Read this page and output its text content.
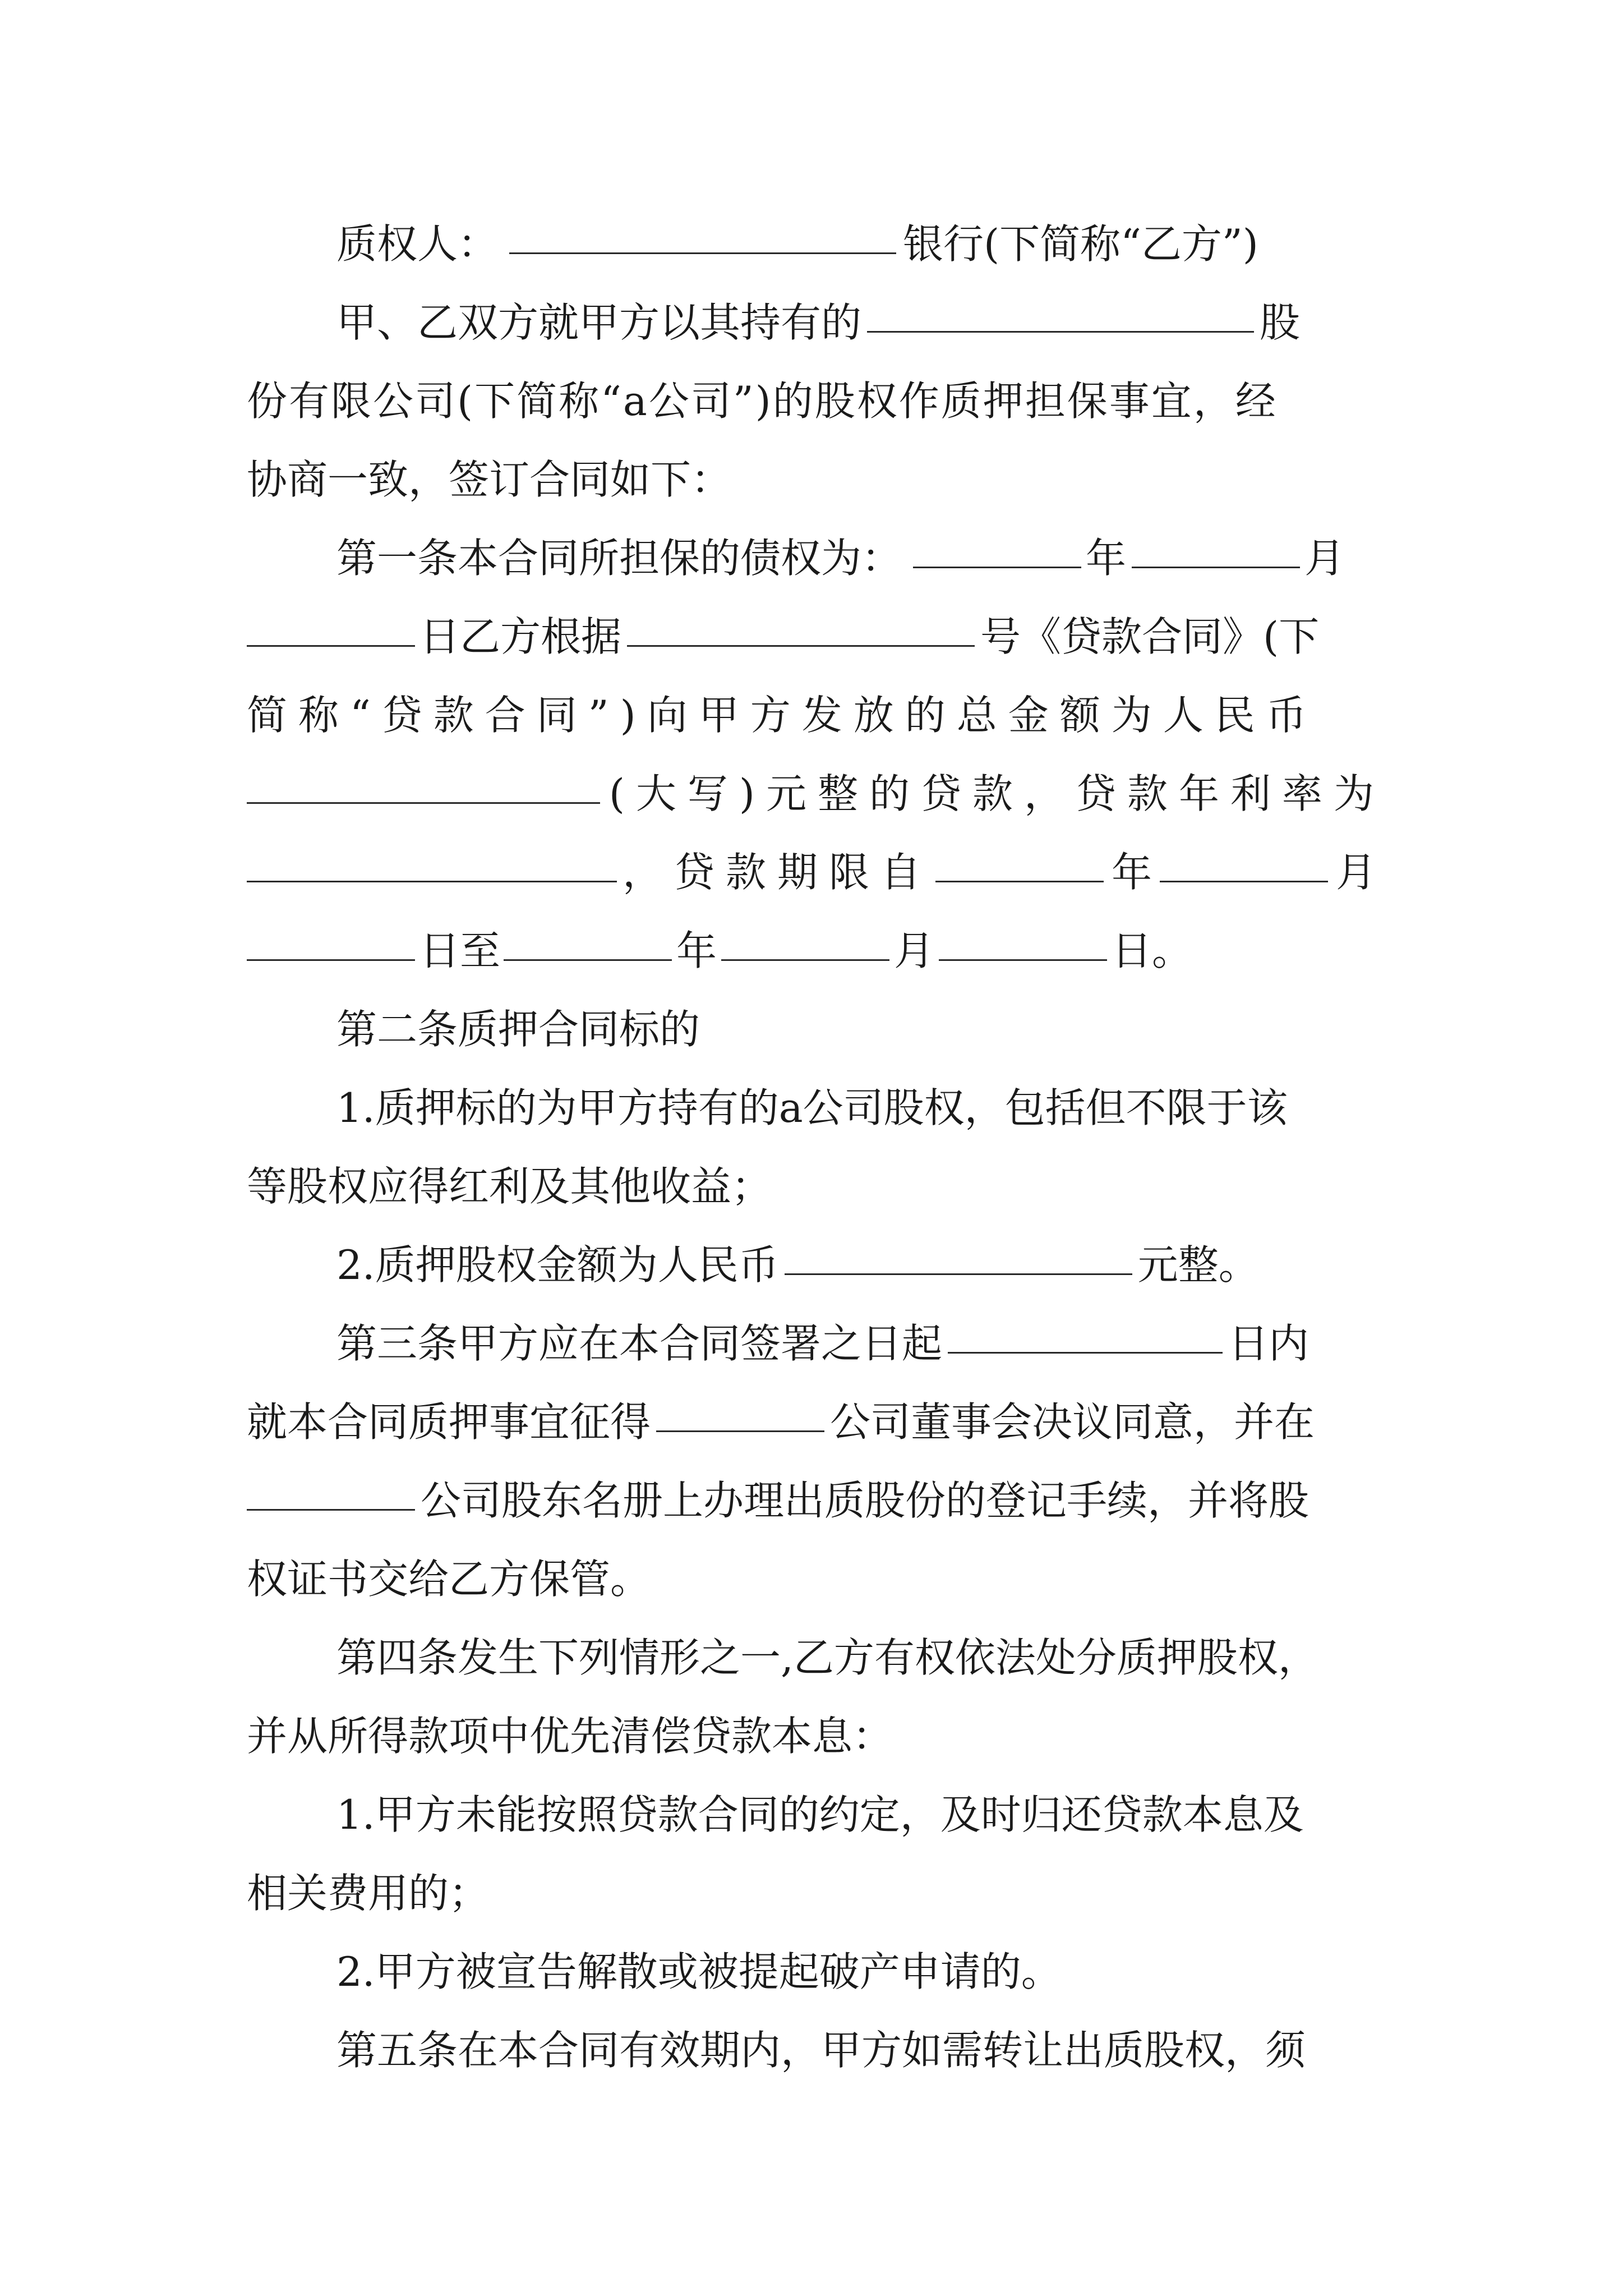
质权人：	银行(下简称“乙方”)
甲、乙双方就甲方以其持有的	股
份有限公司(下简称“a公司”)的股权作质押担保事宜，经
协商一致，签订合同如下：
第一条本合同所担保的债权为：	年	月
日乙方根据	号《贷款合同》(下
简称“贷款合同”)向甲方发放的总金额为人民币
(大写)元整的贷款，贷款年利率为
，贷款期限自	年	月
日至	年	月	日。
第二条质押合同标的
1.质押标的为甲方持有的a公司股权，包括但不限于该
等股权应得红利及其他收益；
2.质押股权金额为人民币	元整。
第三条甲方应在本合同签署之日起	日内
就本合同质押事宜征得	公司董事会决议同意，并在
公司股东名册上办理出质股份的登记手续，并将股
权证书交给乙方保管。
第四条发生下列情形之一,乙方有权依法处分质押股权，
并从所得款项中优先清偿贷款本息：
1.甲方未能按照贷款合同的约定，及时归还贷款本息及
相关费用的；
2.甲方被宣告解散或被提起破产申请的。
第五条在本合同有效期内，甲方如需转让出质股权，须
